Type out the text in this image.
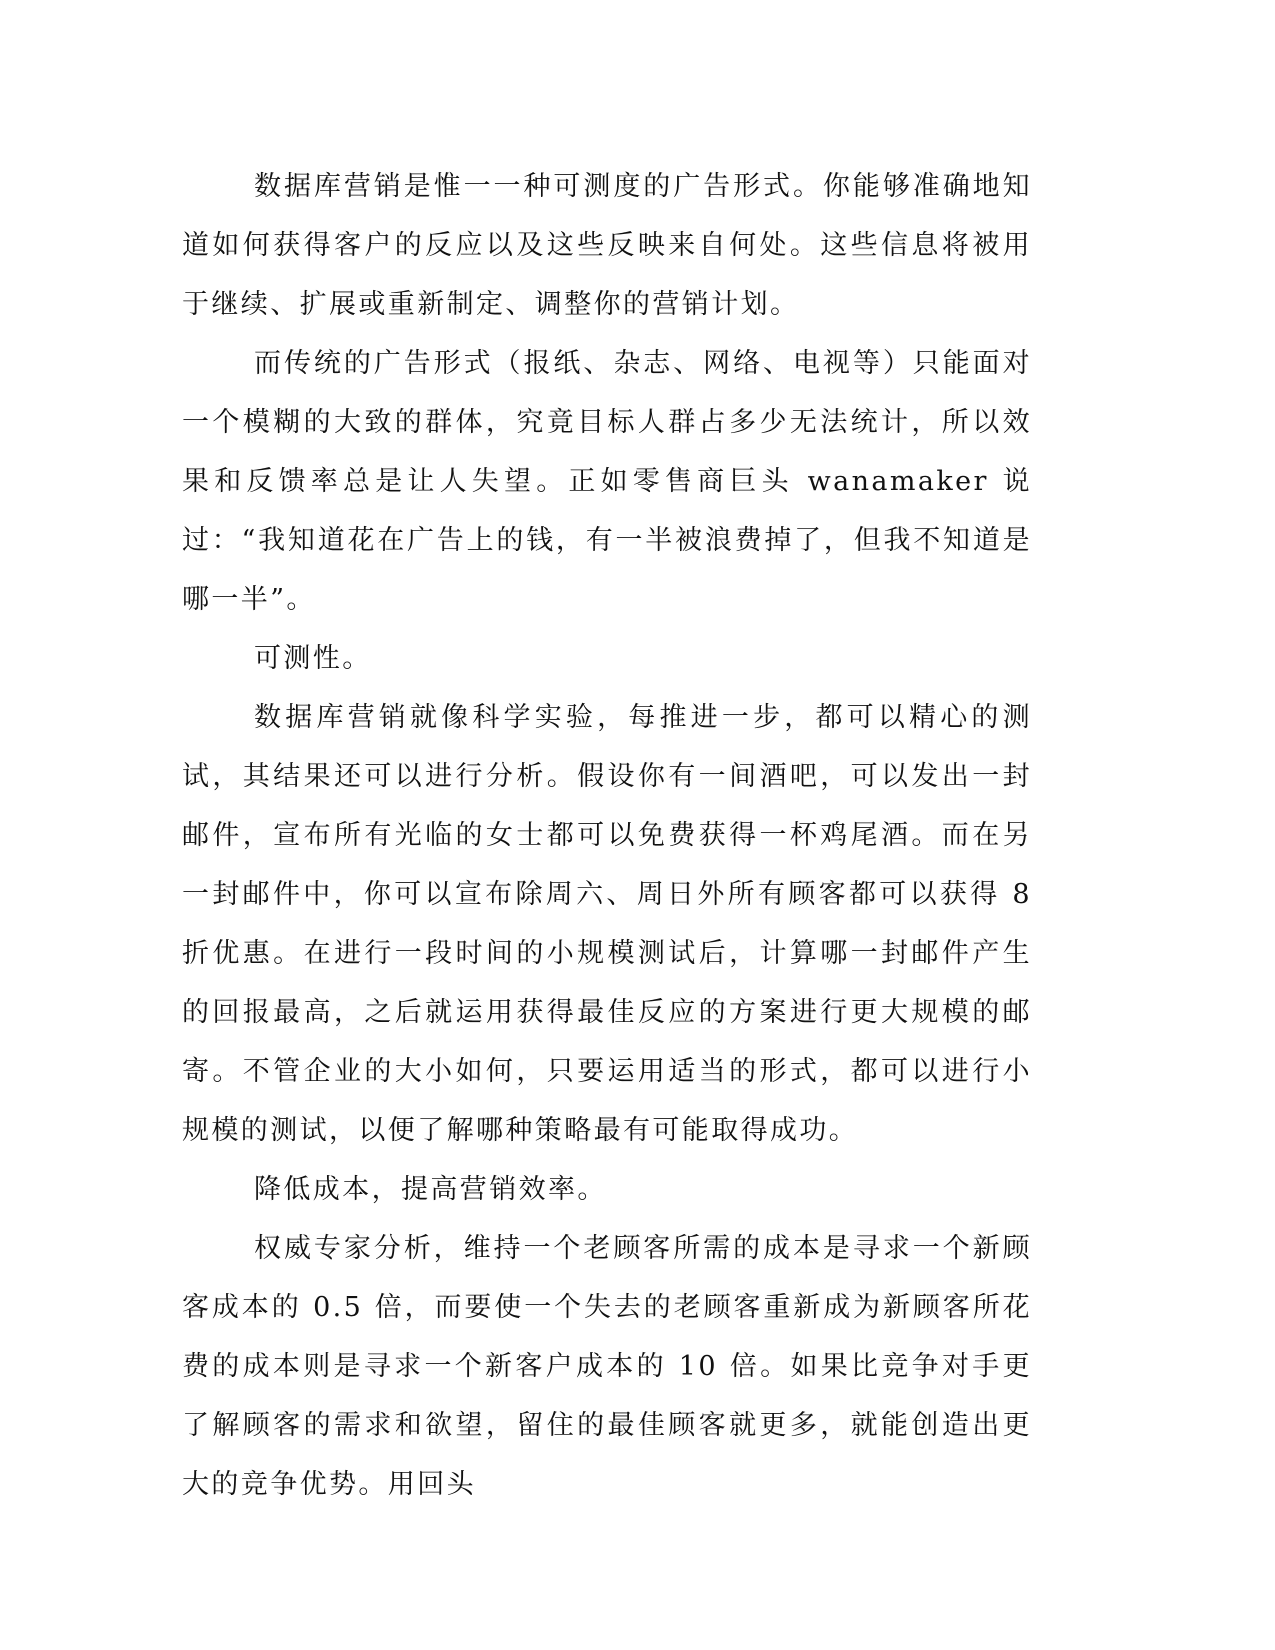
数据库营销是惟一一种可测度的广告形式。你能够准确地知道如何获得客户的反应以及这些反映来自何处。这些信息将被用于继续、扩展或重新制定、调整你的营销计划。

而传统的广告形式（报纸、杂志、网络、电视等）只能面对一个模糊的大致的群体，究竟目标人群占多少无法统计，所以效果和反馈率总是让人失望。正如零售商巨头 wanamaker 说过：“我知道花在广告上的钱，有一半被浪费掉了，但我不知道是哪一半”。

可测性。

数据库营销就像科学实验，每推进一步，都可以精心的测试，其结果还可以进行分析。假设你有一间酒吧，可以发出一封邮件，宣布所有光临的女士都可以免费获得一杯鸡尾酒。而在另一封邮件中，你可以宣布除周六、周日外所有顾客都可以获得 8 折优惠。在进行一段时间的小规模测试后，计算哪一封邮件产生的回报最高，之后就运用获得最佳反应的方案进行更大规模的邮寄。不管企业的大小如何，只要运用适当的形式，都可以进行小规模的测试，以便了解哪种策略最有可能取得成功。

降低成本，提高营销效率。

权威专家分析，维持一个老顾客所需的成本是寻求一个新顾客成本的 0.5 倍，而要使一个失去的老顾客重新成为新顾客所花费的成本则是寻求一个新客户成本的 10 倍。如果比竞争对手更了解顾客的需求和欲望，留住的最佳顾客就更多，就能创造出更大的竞争优势。用回头
